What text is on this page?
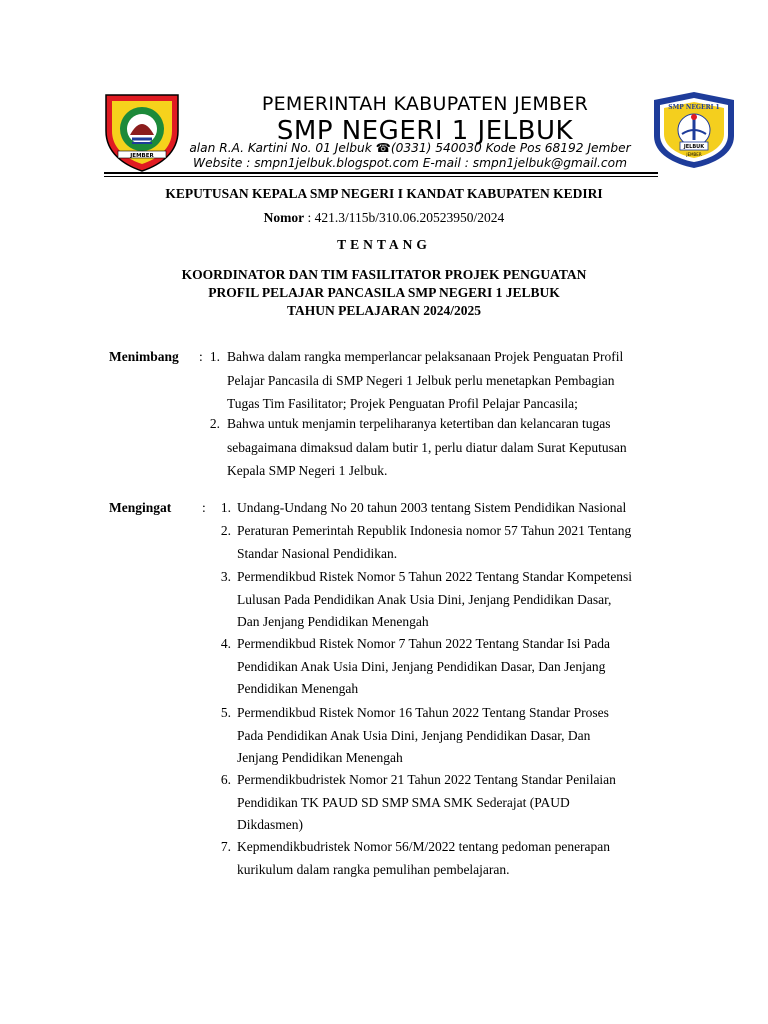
JEMBER
SMP NEGERI 1
JELBUK
JEMBER
PEMERINTAH KABUPATEN JEMBER
SMP NEGERI 1 JELBUK
alan R.A. Kartini No. 01 Jelbuk ☎(0331) 540030 Kode Pos 68192 Jember
Website : smpn1jelbuk.blogspot.com E-mail : smpn1jelbuk@gmail.com
KEPUTUSAN KEPALA SMP NEGERI I KANDAT KABUPATEN KEDIRI
Nomor : 421.3/115b/310.06.20523950/2024
TENTANG
KOORDINATOR DAN TIM FASILITATOR PROJEK PENGUATAN
PROFIL PELAJAR PANCASILA SMP NEGERI 1 JELBUK
TAHUN PELAJARAN 2024/2025
Menimbang : 1. Bahwa dalam rangka memperlancar pelaksanaan Projek Penguatan Profil
Pelajar Pancasila di SMP Negeri 1 Jelbuk perlu menetapkan Pembagian
Tugas Tim Fasilitator; Projek Penguatan Profil Pelajar Pancasila;
2. Bahwa untuk menjamin terpeliharanya ketertiban dan kelancaran tugas
sebagaimana dimaksud dalam butir 1, perlu diatur dalam Surat Keputusan
Kepala SMP Negeri 1 Jelbuk.
Mengingat :	1. Undang-Undang No 20 tahun 2003 tentang Sistem Pendidikan Nasional
2. Peraturan Pemerintah Republik Indonesia nomor 57 Tahun 2021 Tentang
Standar Nasional Pendidikan.
3. Permendikbud Ristek Nomor 5 Tahun 2022 Tentang Standar Kompetensi
Lulusan Pada Pendidikan Anak Usia Dini, Jenjang Pendidikan Dasar,
Dan Jenjang Pendidikan Menengah
4. Permendikbud Ristek Nomor 7 Tahun 2022 Tentang Standar Isi Pada
Pendidikan Anak Usia Dini, Jenjang Pendidikan Dasar, Dan Jenjang
Pendidikan Menengah
5. Permendikbud Ristek Nomor 16 Tahun 2022 Tentang Standar Proses
Pada Pendidikan Anak Usia Dini, Jenjang Pendidikan Dasar, Dan
Jenjang Pendidikan Menengah
6. Permendikbudristek Nomor 21 Tahun 2022 Tentang Standar Penilaian
Pendidikan TK PAUD SD SMP SMA SMK Sederajat (PAUD
Dikdasmen)
7. Kepmendikbudristek Nomor 56/M/2022 tentang pedoman penerapan
kurikulum dalam rangka pemulihan pembelajaran.
